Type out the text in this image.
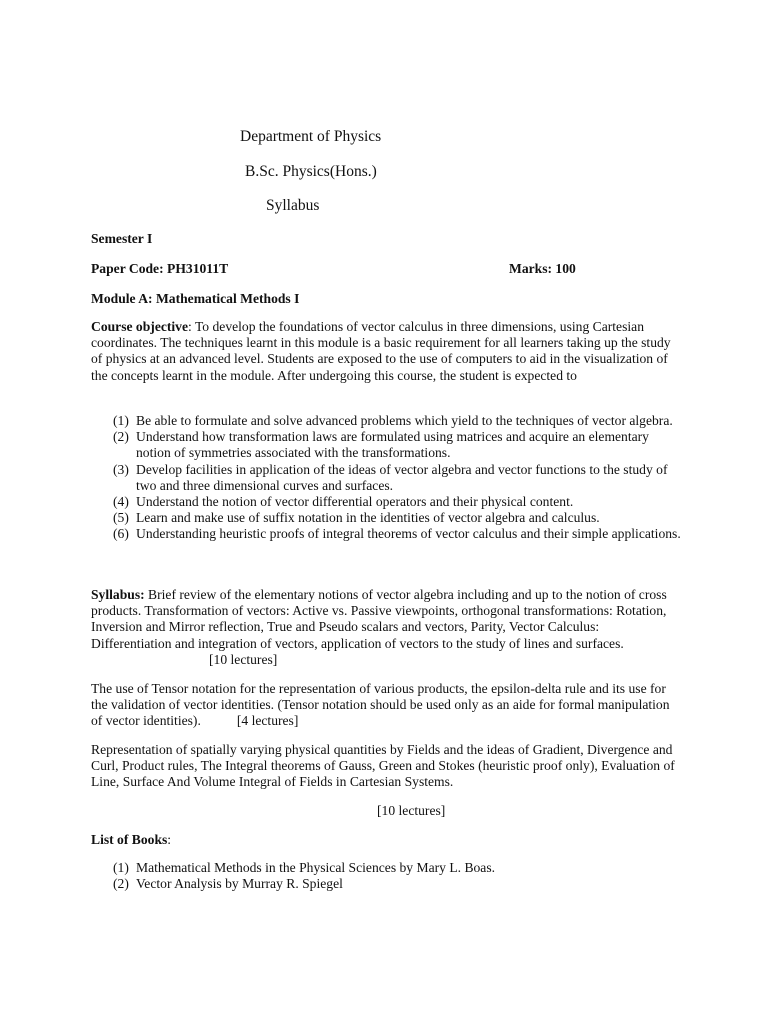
Department of Physics
B.Sc. Physics(Hons.)
Syllabus
Semester I
Paper Code: PH31011T	Marks: 100
Module A: Mathematical Methods I
Course objective: To develop the foundations of vector calculus in three dimensions, using Cartesian coordinates. The techniques learnt in this module is a basic requirement for all learners taking up the study of physics at an advanced level. Students are exposed to the use of computers to aid in the visualization of the concepts learnt in the module. After undergoing this course, the student is expected to
(1) Be able to formulate and solve advanced problems which yield to the techniques of vector algebra.
(2) Understand how transformation laws are formulated using matrices and acquire an elementary notion of symmetries associated with the transformations.
(3) Develop facilities in application of the ideas of vector algebra and vector functions to the study of two and three dimensional curves and surfaces.
(4) Understand the notion of vector differential operators and their physical content.
(5) Learn and make use of suffix notation in the identities of vector algebra and calculus.
(6) Understanding heuristic proofs of integral theorems of vector calculus and their simple applications.
Syllabus: Brief review of the elementary notions of vector algebra including and up to the notion of cross products. Transformation of vectors: Active vs. Passive viewpoints, orthogonal transformations: Rotation, Inversion and Mirror reflection, True and Pseudo scalars and vectors, Parity, Vector Calculus: Differentiation and integration of vectors, application of vectors to the study of lines and surfaces.[10 lectures]
The use of Tensor notation for the representation of various products, the epsilon-delta rule and its use for the validation of vector identities. (Tensor notation should be used only as an aide for formal manipulation of vector identities).	[4 lectures]
Representation of spatially varying physical quantities by Fields and the ideas of Gradient, Divergence and Curl, Product rules, The Integral theorems of Gauss, Green and Stokes (heuristic proof only), Evaluation of Line, Surface And Volume Integral of Fields in Cartesian Systems.
[10 lectures]
List of Books:
(1) Mathematical Methods in the Physical Sciences by Mary L. Boas.
(2) Vector Analysis by Murray R. Spiegel
